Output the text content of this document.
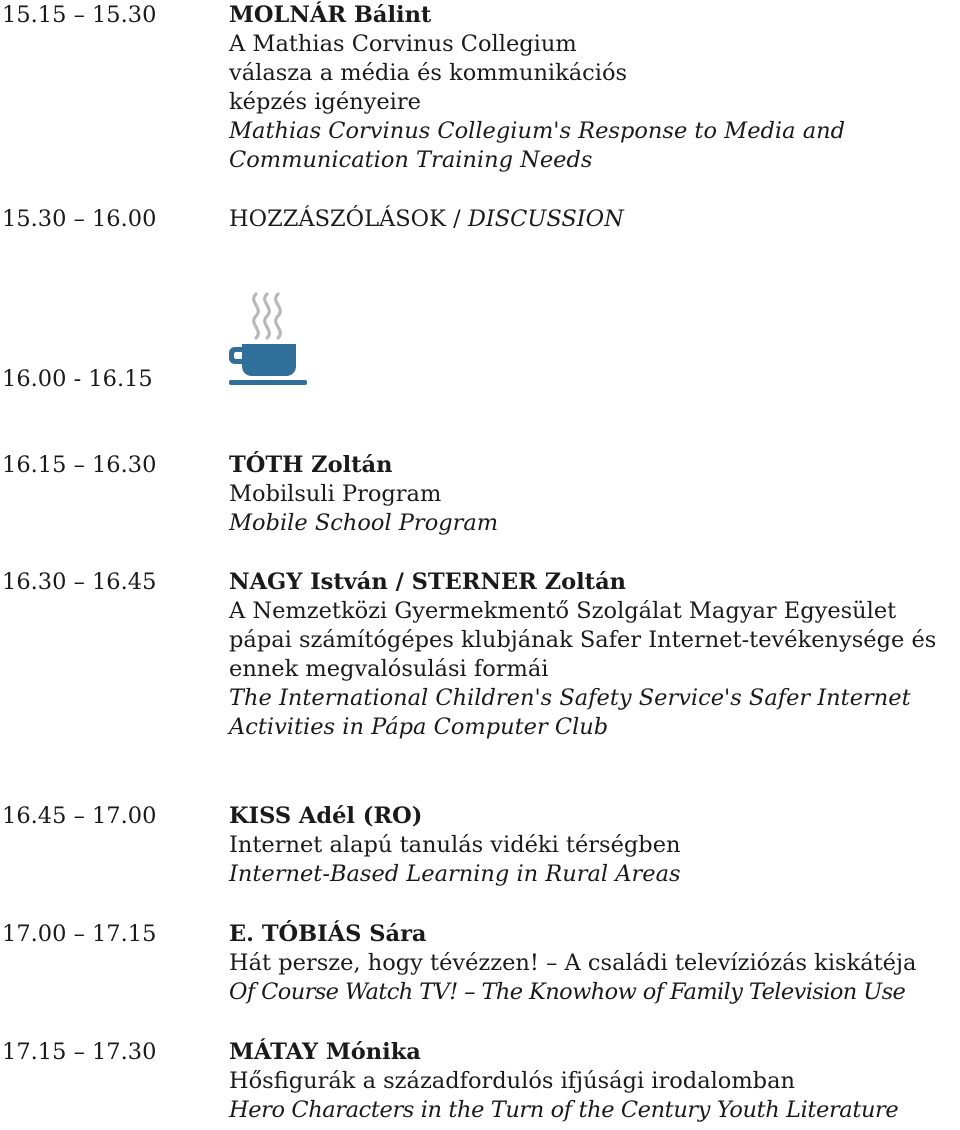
15.15 – 15.30	MOLNÁR Bálint
A Mathias Corvinus Collegium válasza a média és kommunikációs képzés igényeire
Mathias Corvinus Collegium's Response to Media and Communication Training Needs
15.30 – 16.00	HOZZÁSZÓLÁSOK / DISCUSSION
16.00 - 16.15
16.15 – 16.30	TÓTH Zoltán
Mobilsuli Program
Mobile School Program
16.30 – 16.45	NAGY István / STERNER Zoltán
A Nemzetközi Gyermekmentő Szolgálat Magyar Egyesület pápai számítógépes klubjának Safer Internet-tevékenysége és ennek megvalósulási formái
The International Children's Safety Service's Safer Internet Activities in Pápa Computer Club
16.45 – 17.00	KISS Adél (RO)
Internet alapú tanulás vidéki térségben
Internet-Based Learning in Rural Areas
17.00 – 17.15	E. TÓBIÁS Sára
Hát persze, hogy tévézzen! – A családi televíziózás kiskátéja
Of Course Watch TV! – The Knowhow of Family Television Use
17.15 – 17.30	MÁTAY Mónika
Hősfigurák a századfordulós ifjúsági irodalomban
Hero Characters in the Turn of the Century Youth Literature
